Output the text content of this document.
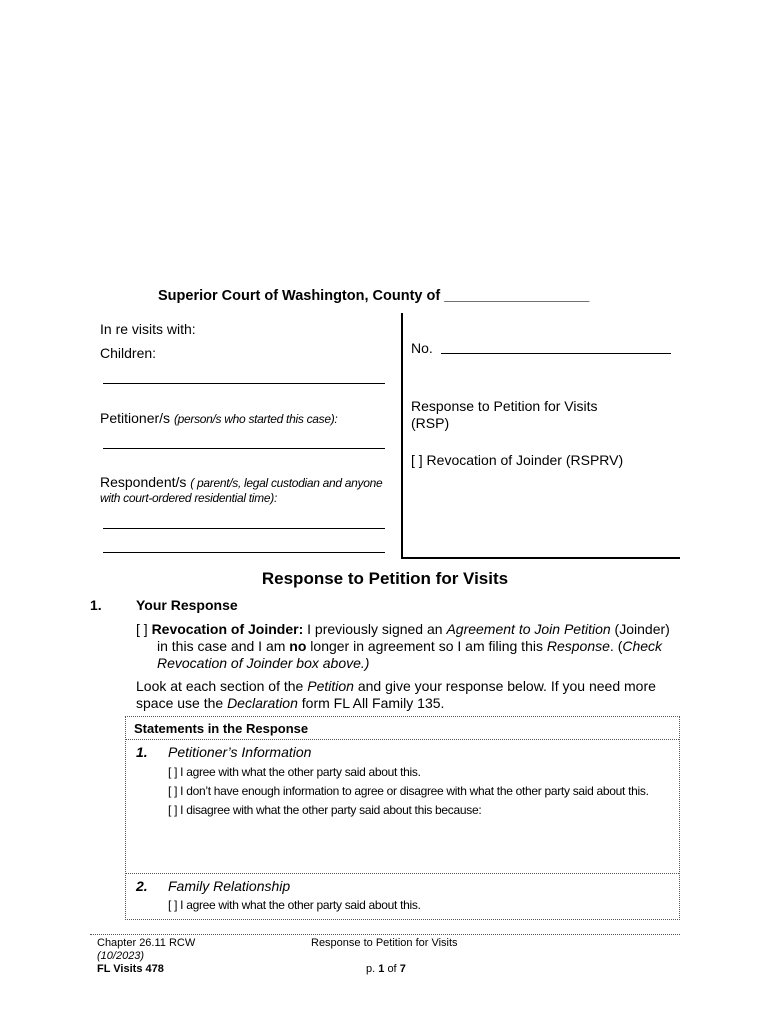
Superior Court of Washington, County of __________________
In re visits with:
Children:
Petitioner/s (person/s who started this case):
Respondent/s ( parent/s, legal custodian and anyone
with court-ordered residential time):
No.
Response to Petition for Visits
(RSP)
[ ] Revocation of Joinder (RSPRV)
Response to Petition for Visits
1. Your Response
[ ] Revocation of Joinder: I previously signed an Agreement to Join Petition (Joinder)
in this case and I am no longer in agreement so I am filing this Response. (Check
Revocation of Joinder box above.)
Look at each section of the Petition and give your response below. If you need more
space use the Declaration form FL All Family 135.
Statements in the Response
1. Petitioner’s Information
[ ] I agree with what the other party said about this.
[ ] I don’t have enough information to agree or disagree with what the other party said about this.
[ ] I disagree with what the other party said about this because:
2. Family Relationship
[ ] I agree with what the other party said about this.
Chapter 26.11 RCW
(10/2023)
FL Visits 478
Response to Petition for Visits
p. 1 of 7
